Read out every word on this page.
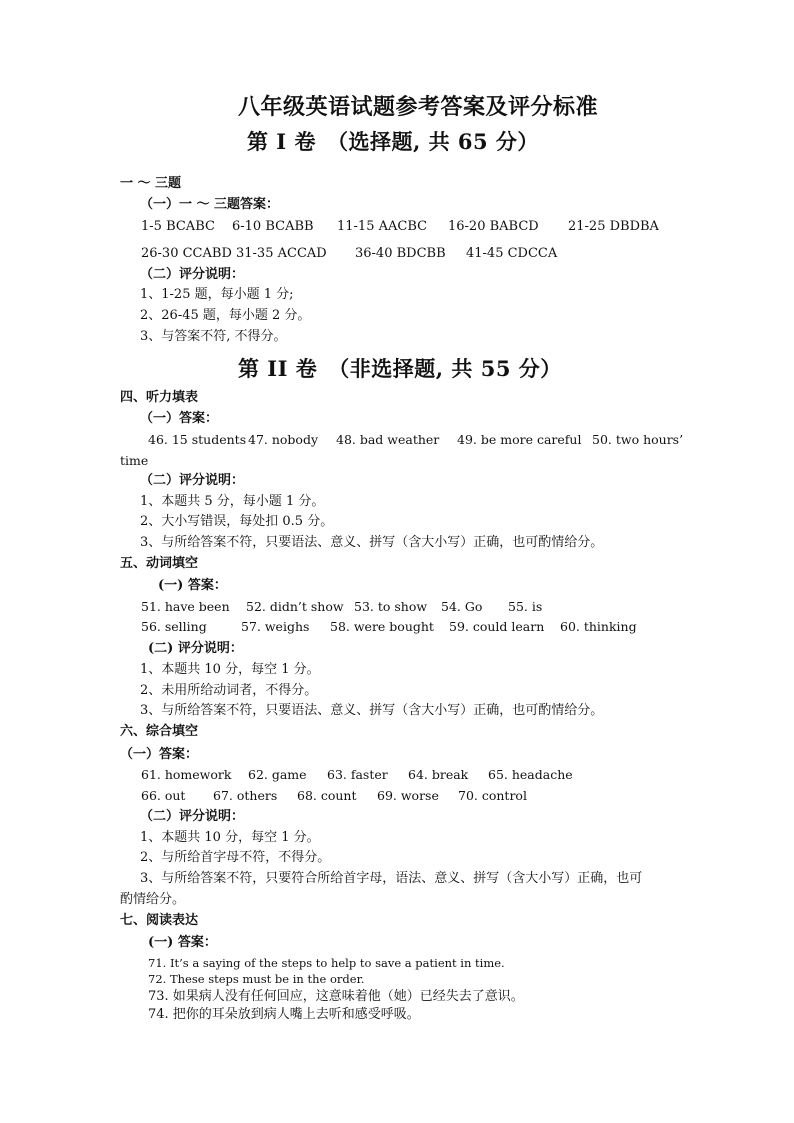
八年级英语试题参考答案及评分标准
第 I 卷　（选择题, 共 65 分）
一 ～ 三题
（一）一 ～ 三题答案：
1-5 BCABC 6-10 BCABB 11-15 AACBC 16-20 BABCD 21-25 DBDBA
26-30 CCABD 31-35 ACCAD 36-40 BDCBB 41-45 CDCCA
（二）评分说明：
1、1-25 题，每小题 1 分;
2、26-45 题，每小题 2 分。
3、与答案不符, 不得分。
第 II 卷　（非选择题, 共 55 分）
四、听力填表
（一）答案：
46. 15 students 47. nobody 48. bad weather 49. be more careful 50. two hours’
time
（二）评分说明：
1、本题共 5 分，每小题 1 分。
2、大小写错误，每处扣 0.5 分。
3、与所给答案不符，只要语法、意义、拼写（含大小写）正确，也可酌情给分。
五、动词填空
(一) 答案：
51. have been 52. didn’t show 53. to show 54. Go 55. is
56. selling	57. weighs 58. were bought 59. could learn 60. thinking
(二) 评分说明：
1、本题共 10 分，每空 1 分。
2、未用所给动词者，不得分。
3、与所给答案不符，只要语法、意义、拼写（含大小写）正确，也可酌情给分。
六、综合填空
（一）答案：
61. homework 62. game 63. faster 64. break 65. headache
66. out 67. others 68. count 69. worse 70. control
（二）评分说明：
1、本题共 10 分，每空 1 分。
2、与所给首字母不符，不得分。
3、与所给答案不符，只要符合所给首字母，语法、意义、拼写（含大小写）正确，也可
酌情给分。
七、阅读表达
(一) 答案：
71. It’s a saying of the steps to help to save a patient in time.
72. These steps must be in the order.
73. 如果病人没有任何回应，这意味着他（她）已经失去了意识。
74. 把你的耳朵放到病人嘴上去听和感受呼吸。
